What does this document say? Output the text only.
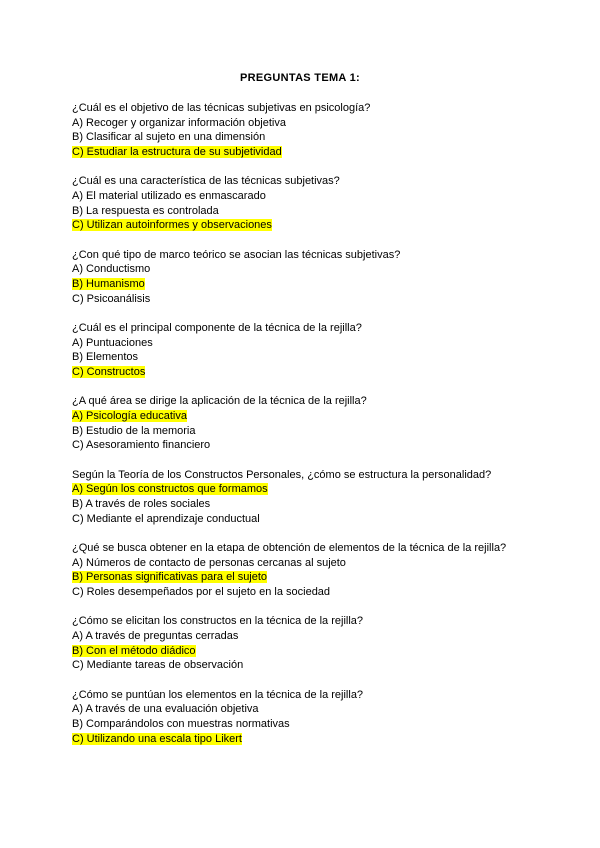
PREGUNTAS TEMA 1:
¿Cuál es el objetivo de las técnicas subjetivas en psicología?
A) Recoger y organizar información objetiva
B) Clasificar al sujeto en una dimensión
C) Estudiar la estructura de su subjetividad
¿Cuál es una característica de las técnicas subjetivas?
A) El material utilizado es enmascarado
B) La respuesta es controlada
C) Utilizan autoinformes y observaciones
¿Con qué tipo de marco teórico se asocian las técnicas subjetivas?
A) Conductismo
B) Humanismo
C) Psicoanálisis
¿Cuál es el principal componente de la técnica de la rejilla?
A) Puntuaciones
B) Elementos
C) Constructos
¿A qué área se dirige la aplicación de la técnica de la rejilla?
A) Psicología educativa
B) Estudio de la memoria
C) Asesoramiento financiero
Según la Teoría de los Constructos Personales, ¿cómo se estructura la personalidad?
A) Según los constructos que formamos
B) A través de roles sociales
C) Mediante el aprendizaje conductual
¿Qué se busca obtener en la etapa de obtención de elementos de la técnica de la rejilla?
A) Números de contacto de personas cercanas al sujeto
B) Personas significativas para el sujeto
C) Roles desempeñados por el sujeto en la sociedad
¿Cómo se elicitan los constructos en la técnica de la rejilla?
A) A través de preguntas cerradas
B) Con el método diádico
C) Mediante tareas de observación
¿Cómo se puntúan los elementos en la técnica de la rejilla?
A) A través de una evaluación objetiva
B) Comparándolos con muestras normativas
C) Utilizando una escala tipo Likert
